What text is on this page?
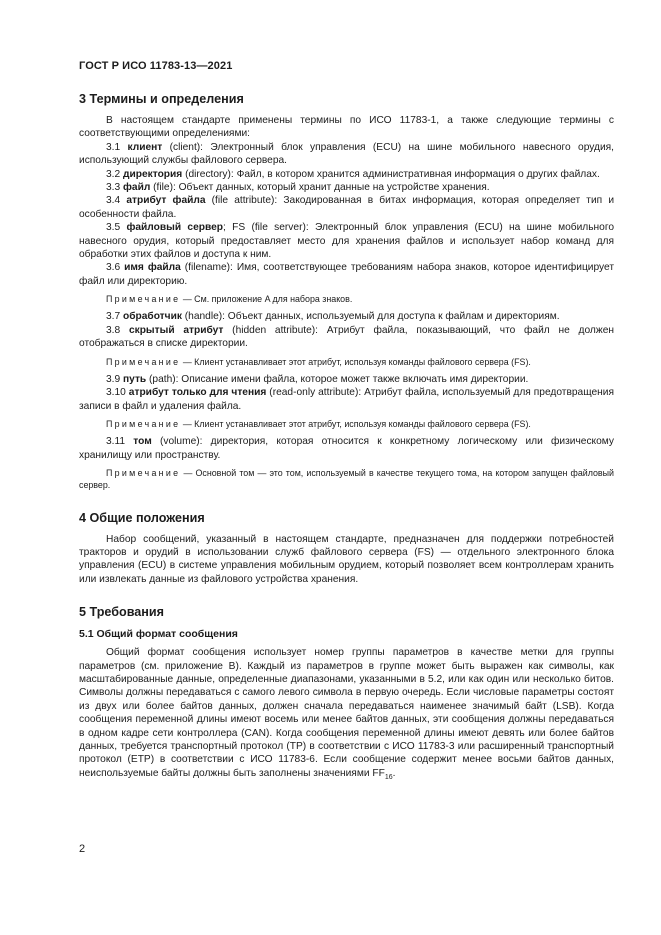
ГОСТ Р ИСО 11783-13—2021
3 Термины и определения

В настоящем стандарте применены термины по ИСО 11783-1, а также следующие термины с соответствующими определениями:

3.1 клиент (client): Электронный блок управления (ECU) на шине мобильного навесного орудия, использующий службы файлового сервера.

3.2 директория (directory): Файл, в котором хранится административная информация о других файлах.

3.3 файл (file): Объект данных, который хранит данные на устройстве хранения.

3.4 атрибут файла (file attribute): Закодированная в битах информация, которая определяет тип и особенности файла.

3.5 файловый сервер; FS (file server): Электронный блок управления (ECU) на шине мобильного навесного орудия, который предоставляет место для хранения файлов и использует набор команд для обработки этих файлов и доступа к ним.

3.6 имя файла (filename): Имя, соответствующее требованиям набора знаков, которое идентифицирует файл или директорию.

Примечание — См. приложение A для набора знаков.

3.7 обработчик (handle): Объект данных, используемый для доступа к файлам и директориям.

3.8 скрытый атрибут (hidden attribute): Атрибут файла, показывающий, что файл не должен отображаться в списке директории.

Примечание — Клиент устанавливает этот атрибут, используя команды файлового сервера (FS).

3.9 путь (path): Описание имени файла, которое может также включать имя директории.

3.10 атрибут только для чтения (read-only attribute): Атрибут файла, используемый для предотвращения записи в файл и удаления файла.

Примечание — Клиент устанавливает этот атрибут, используя команды файлового сервера (FS).

3.11 том (volume): директория, которая относится к конкретному логическому или физическому хранилищу или пространству.

Примечание — Основной том — это том, используемый в качестве текущего тома, на котором запущен файловый сервер.

4 Общие положения

Набор сообщений, указанный в настоящем стандарте, предназначен для поддержки потребностей тракторов и орудий в использовании служб файлового сервера (FS) — отдельного электронного блока управления (ECU) в системе управления мобильным орудием, который позволяет всем контроллерам хранить или извлекать данные из файлового устройства хранения.

5 Требования
5.1 Общий формат сообщения

Общий формат сообщения использует номер группы параметров в качестве метки для группы параметров (см. приложение B). Каждый из параметров в группе может быть выражен как символы, как масштабированные данные, определенные диапазонами, указанными в 5.2, или как один или несколько битов. Символы должны передаваться с самого левого символа в первую очередь. Если числовые параметры состоят из двух или более байтов данных, должен сначала передаваться наименее значимый байт (LSB). Когда сообщения переменной длины имеют восемь или менее байтов данных, эти сообщения должны передаваться в одном кадре сети контроллера (CAN). Когда сообщения переменной длины имеют девять или более байтов данных, требуется транспортный протокол (TP) в соответствии с ИСО 11783-3 или расширенный транспортный протокол (ETP) в соответствии с ИСО 11783-6. Если сообщение содержит менее восьми байтов данных, неиспользуемые байты должны быть заполнены значениями $FF_{16}$.

2
